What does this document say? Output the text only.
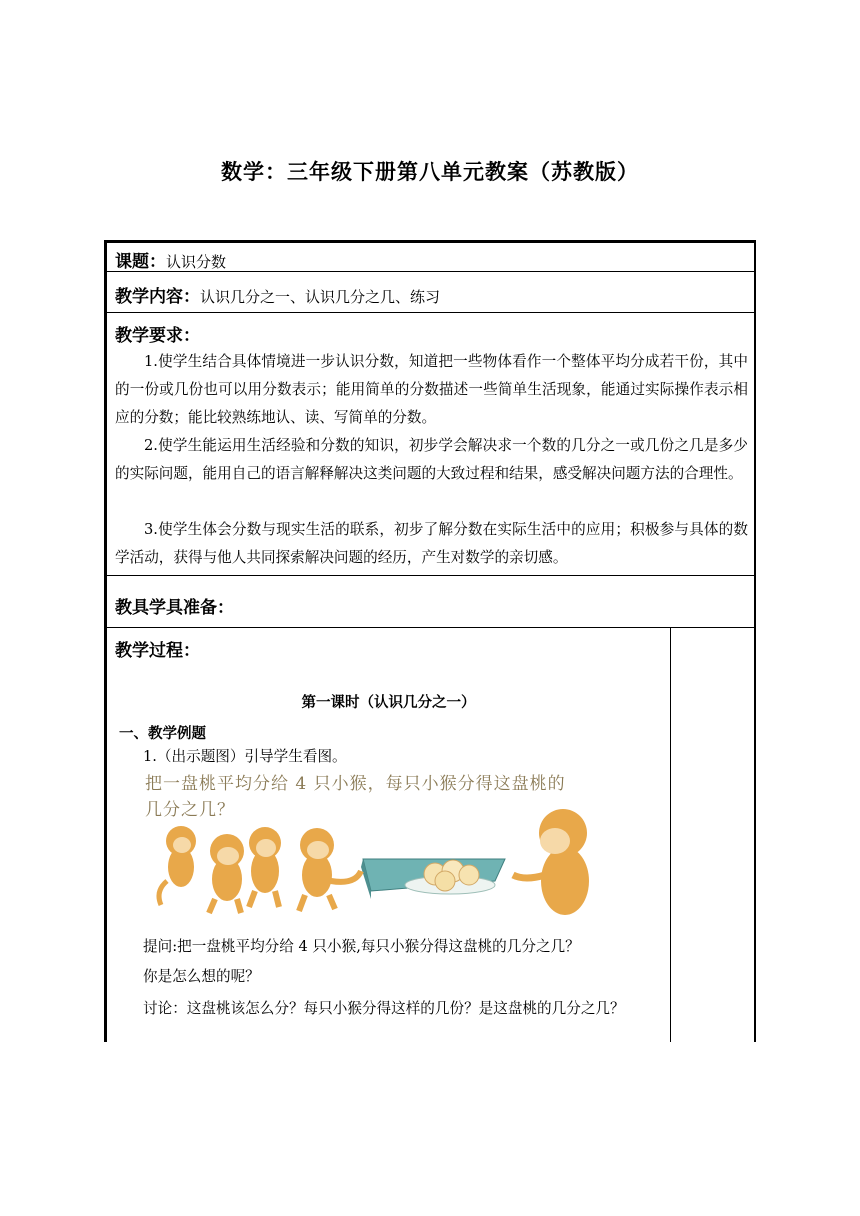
数学：三年级下册第八单元教案（苏教版）
课题：认识分数
教学内容：认识几分之一、认识几分之几、练习
教学要求：
1.使学生结合具体情境进一步认识分数，知道把一些物体看作一个整体平均分成若干份，其中的一份或几份也可以用分数表示；能用简单的分数描述一些简单生活现象，能通过实际操作表示相应的分数；能比较熟练地认、读、写简单的分数。
2.使学生能运用生活经验和分数的知识，初步学会解决求一个数的几分之一或几份之几是多少的实际问题，能用自己的语言解释解决这类问题的大致过程和结果，感受解决问题方法的合理性。
3.使学生体会分数与现实生活的联系，初步了解分数在实际生活中的应用；积极参与具体的数学活动，获得与他人共同探索解决问题的经历，产生对数学的亲切感。
教具学具准备：
教学过程：
第一课时（认识几分之一）
一、教学例题
1.（出示题图）引导学生看图。
把一盘桃平均分给 4 只小猴，每只小猴分得这盘桃的
几分之几？
提问:把一盘桃平均分给 4 只小猴,每只小猴分得这盘桃的几分之几？
你是怎么想的呢？
讨论：这盘桃该怎么分？每只小猴分得这样的几份？是这盘桃的几分之几？
